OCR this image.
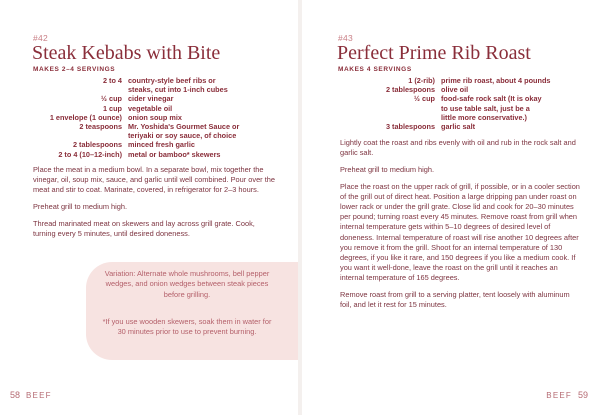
#42
Steak Kebabs with Bite
MAKES 2–4 SERVINGS
2 to 4 country-style beef ribs or
steaks, cut into 1-inch cubes
½ cup cider vinegar
1 cup vegetable oil
1 envelope (1 ounce) onion soup mix
2 teaspoons Mr. Yoshida's Gourmet Sauce or
teriyaki or soy sauce, of choice
2 tablespoons minced fresh garlic
2 to 4 (10–12-inch) metal or bamboo* skewers

Place the meat in a medium bowl. In a separate bowl, mix together the vinegar, oil, soup mix, sauce, and garlic until well combined. Pour over the meat and stir to coat. Marinate, covered, in refrigerator for 2–3 hours.

Preheat grill to medium high.

Thread marinated meat on skewers and lay across grill grate. Cook, turning every 5 minutes, until desired doneness.

Variation: Alternate whole mushrooms, bell pepper wedges, and onion wedges between steak pieces before grilling.

*If you use wooden skewers, soak them in water for 30 minutes prior to use to prevent burning.

58 BEEF
#43
Perfect Prime Rib Roast
MAKES 4 SERVINGS
1 (2-rib) prime rib roast, about 4 pounds
2 tablespoons olive oil
½ cup food-safe rock salt (It is okay
to use table salt, just be a
little more conservative.)
3 tablespoons garlic salt

Lightly coat the roast and ribs evenly with oil and rub in the rock salt and garlic salt.

Preheat grill to medium high.

Place the roast on the upper rack of grill, if possible, or in a cooler section of the grill out of direct heat. Position a large dripping pan under roast on lower rack or under the grill grate. Close lid and cook for 20–30 minutes per pound; turning roast every 45 minutes. Remove roast from grill when internal temperature gets within 5–10 degrees of desired level of doneness. Internal temperature of roast will rise another 10 degrees after you remove it from the grill. Shoot for an internal temperature of 130 degrees, if you like it rare, and 150 degrees if you like a medium cook. If you want it well-done, leave the roast on the grill until it reaches an internal temperature of 165 degrees.

Remove roast from grill to a serving platter, tent loosely with aluminum foil, and let it rest for 15 minutes.

BEEF 59
